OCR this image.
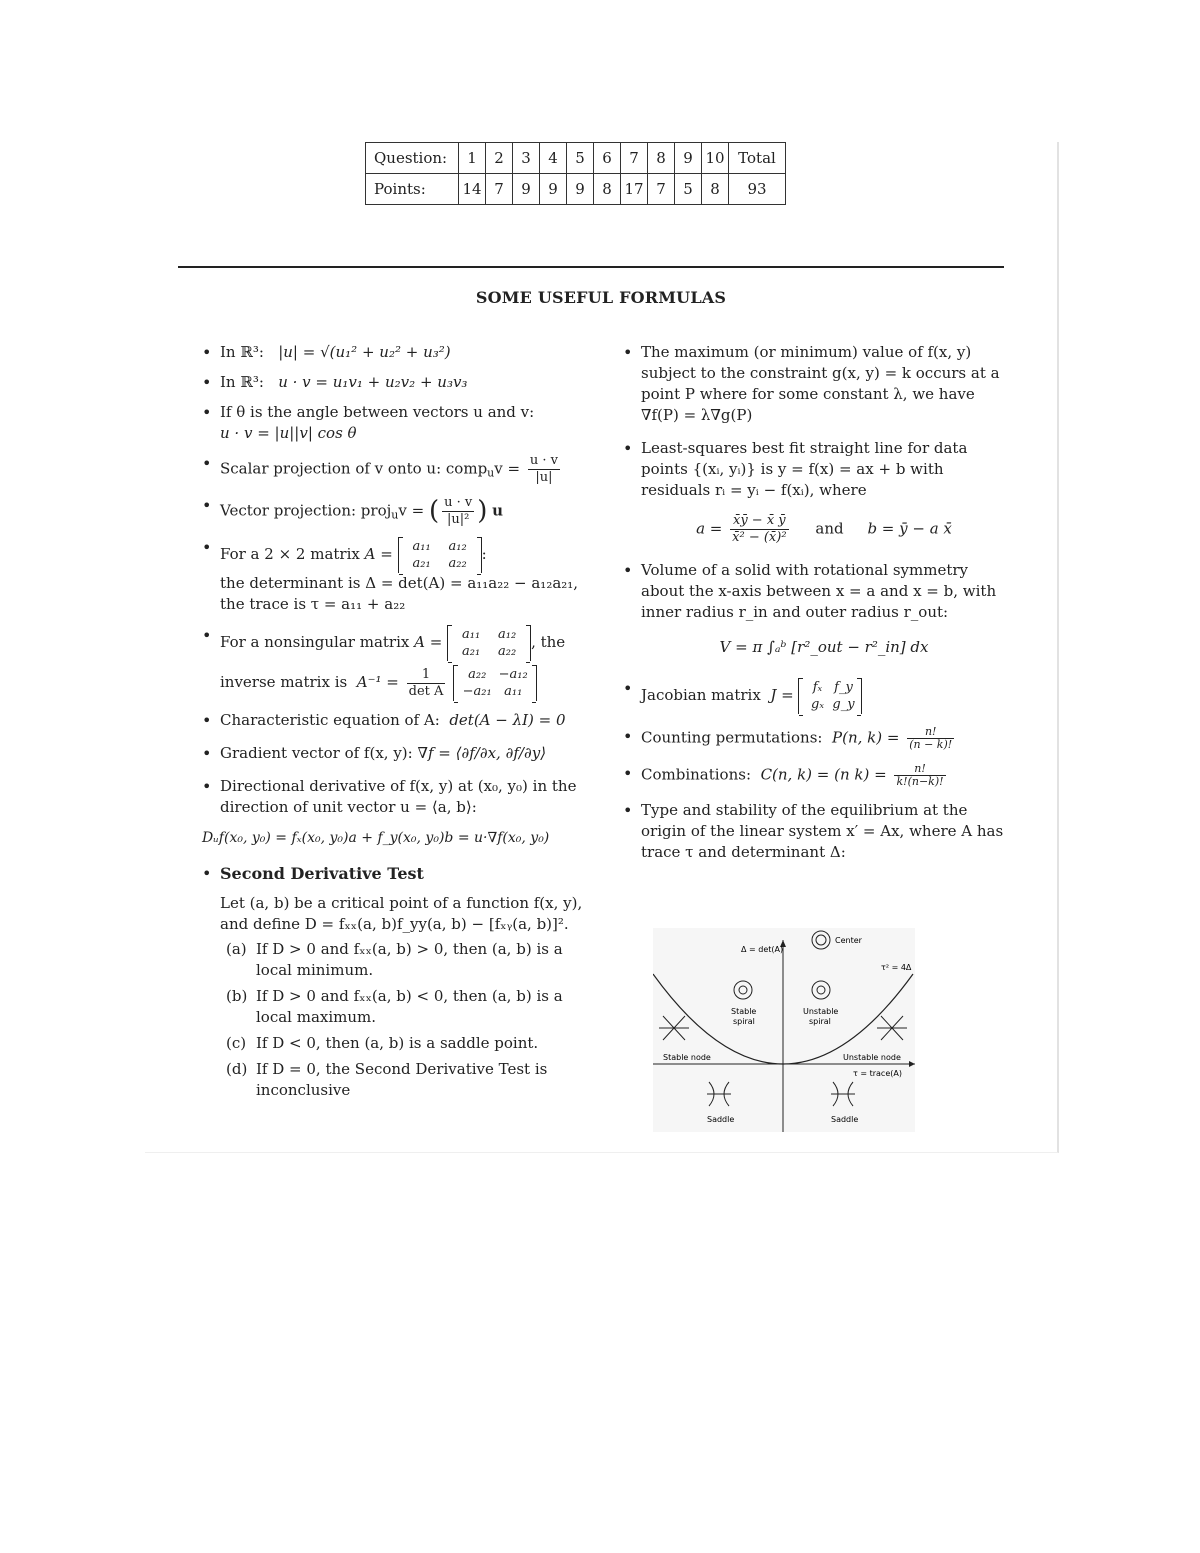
Question:	1	2	3	4	5	6	7	8	9	10	Total
Points:	14	7	9	9	9	8	17	7	5	8	93
SOME USEFUL FORMULAS
• In ℝ³: |u| = √(u₁² + u₂² + u₃²)
• In ℝ³: u · v = u₁v₁ + u₂v₂ + u₃v₃
• If θ is the angle between vectors u and v:
u · v = |u||v| cos θ
• Scalar projection of v onto u: comp$_u$v = $\frac{u \cdot v}{|u|}$
• Vector projection: proj$_u$v = ( $\frac{u \cdot v}{\text{|u|²}}$ ) u
• For a 2 × 2 matrix A =	a₁₁ a₁₂
a₂₁ a₂₂
:
the determinant is Δ = det(A) = a₁₁a₂₂ − a₁₂a₂₁,
the trace is τ = a₁₁ + a₂₂
• For a nonsingular matrix A =	a₁₁ a₁₂
a₂₁ a₂₂
, the

inverse matrix is $A^{-1} = \frac{1}{\text{det A}}$
	a₂₂ −a₁₂
−a₂₁ a₁₁
• Characteristic equation of A: det(A − λI) = 0
• Gradient vector of f(x, y): ∇f = ⟨∂f/∂x, ∂f/∂y⟩
• Directional derivative of f(x, y) at (x₀, y₀) in the direction of unit vector u = ⟨a, b⟩:
Dᵤf(x₀, y₀) = fₓ(x₀, y₀)a + f_y(x₀, y₀)b = u·∇f(x₀, y₀)
• Second Derivative Test
Let (a, b) be a critical point of a function f(x, y), and define D = fₓₓ(a, b)f_yy(a, b) − [fₓᵧ(a, b)]².
(a) If D > 0 and fₓₓ(a, b) > 0, then (a, b) is a local minimum.
(b) If D > 0 and fₓₓ(a, b) < 0, then (a, b) is a local maximum.
(c) If D < 0, then (a, b) is a saddle point.
(d) If D = 0, the Second Derivative Test is inconclusive
• The maximum (or minimum) value of f(x, y) subject to the constraint g(x, y) = k occurs at a point P where for some constant λ, we have ∇f(P) = λ∇g(P)
• Least-squares best fit straight line for data points {(xᵢ, yᵢ)} is y = f(x) = ax + b with residuals rᵢ = yᵢ − f(xᵢ), where
$a = \frac{x̄ȳ - x̄ ȳ}{\text{x̄² − (x̄)²}}$ and b = ȳ − a x̄
• Volume of a solid with rotational symmetry about the x-axis between x = a and x = b, with inner radius r_in and outer radius r_out:
V = π ∫ₐᵇ [r²_out − r²_in] dx
• Jacobian matrix J =	fₓ f_y
gₓ g_y
• Counting permutations: P(n, $k) = \frac{n!}{(n - k)!}$
• Combinations: C(n, k) = (n $k) = \frac{n!}{k!(n-k)!}$
• Type and stability of the equilibrium at the origin of the linear system x′ = Ax, where A has trace τ and determinant Δ:
Δ = det(A)
Center
τ² = 4Δ
Stable
spiral
Unstable
spiral
Stable node	Unstable node
τ = trace(A)
Saddle	Saddle
